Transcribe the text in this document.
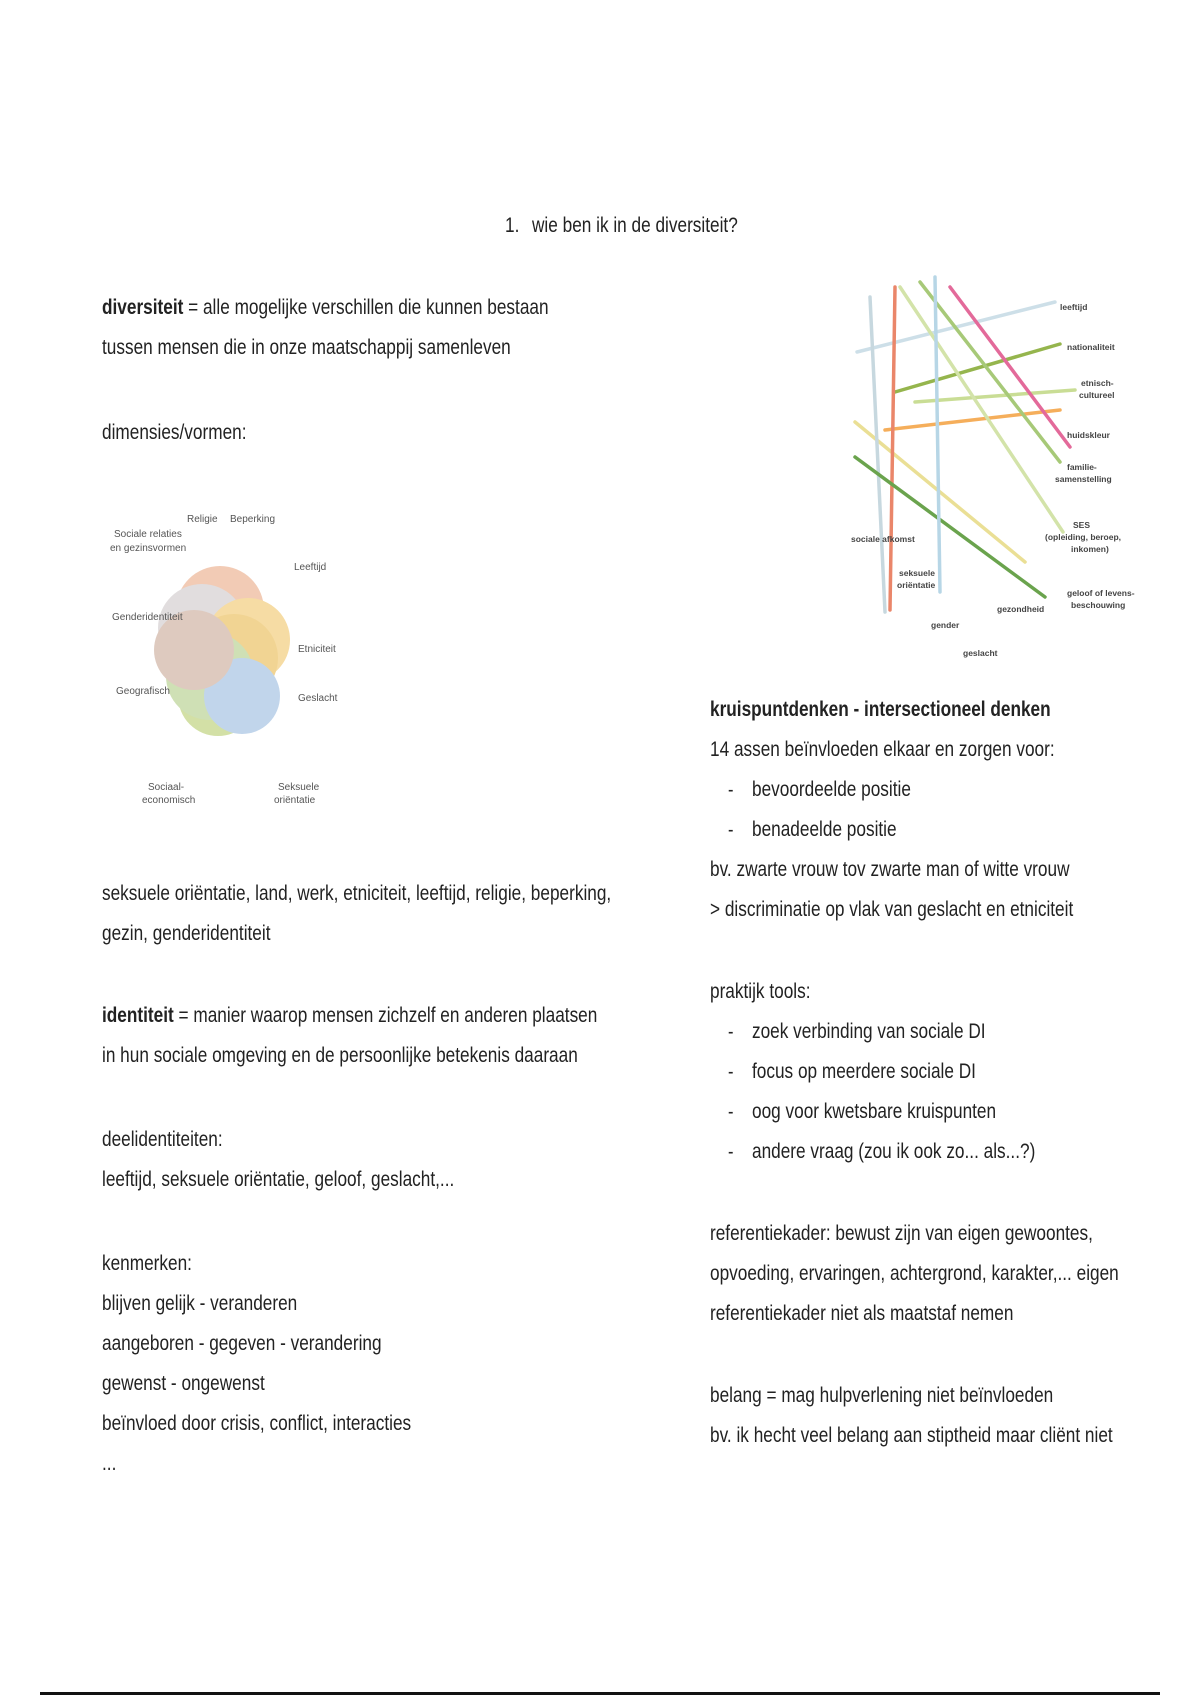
1. wie ben ik in de diversiteit?
diversiteit = alle mogelijke verschillen die kunnen bestaan
tussen mensen die in onze maatschappij samenleven
dimensies/vormen:
Religie Beperking
Sociale relaties
en gezinsvormen
Leeftijd
Genderidentiteit
Etniciteit
Geografisch
Geslacht
Sociaal-
economisch
Seksuele
oriëntatie
seksuele oriëntatie, land, werk, etniciteit, leeftijd, religie, beperking,
gezin, genderidentiteit
identiteit = manier waarop mensen zichzelf en anderen plaatsen
in hun sociale omgeving en de persoonlijke betekenis daaraan
deelidentiteiten:
leeftijd, seksuele oriëntatie, geloof, geslacht,...
kenmerken:
blijven gelijk - veranderen
aangeboren - gegeven - verandering
gewenst - ongewenst
beïnvloed door crisis, conflict, interacties
...
leeftijd
nationaliteit
etnisch-
cultureel
huidskleur
familie-
samenstelling
SES
(opleiding, beroep,
inkomen)
geloof of levens-
beschouwing
sociale afkomst
seksuele
oriëntatie
gender
gezondheid
geslacht
kruispuntdenken - intersectioneel denken
14 assen beïnvloeden elkaar en zorgen voor:
- bevoordeelde positie
- benadeelde positie
bv. zwarte vrouw tov zwarte man of witte vrouw
> discriminatie op vlak van geslacht en etniciteit
praktijk tools:
- zoek verbinding van sociale DI
- focus op meerdere sociale DI
- oog voor kwetsbare kruispunten
- andere vraag (zou ik ook zo... als...?)
referentiekader: bewust zijn van eigen gewoontes,
opvoeding, ervaringen, achtergrond, karakter,... eigen
referentiekader niet als maatstaf nemen
belang = mag hulpverlening niet beïnvloeden
bv. ik hecht veel belang aan stiptheid maar cliënt niet
